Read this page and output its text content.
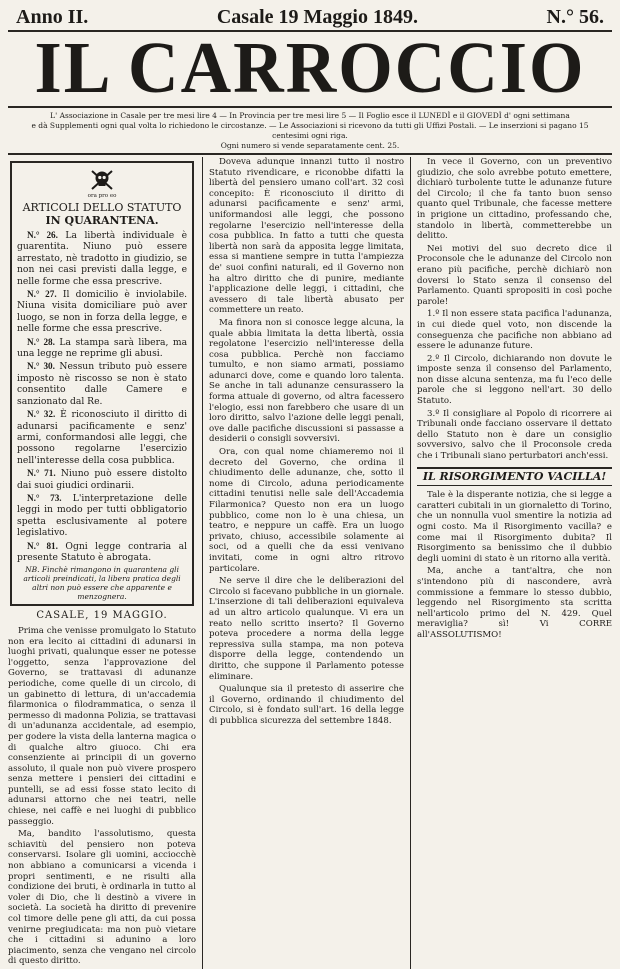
Anno II.	Casale 19 Maggio 1849.	N.° 56.
IL CARROCCIO
L' Associazione in Casale per tre mesi lire 4 — In Provincia per tre mesi lire 5 — Il Foglio esce il LUNEDÌ e il GIOVEDÌ d' ogni settimana
e dà Supplementi ogni qual volta lo richiedono le circostanze. — Le Associazioni si ricevono da tutti gli Uffizi Postali. — Le inserzioni si pagano 15 centesimi ogni riga.
Ogni numero si vende separatamente cent. 25.
ora pro eo
ARTICOLI DELLO STATUTO
IN QUARANTENA.

N.° 26. La libertà individuale è guarentita. Niuno può essere arrestato, nè tradotto in giudizio, se non nei casi previsti dalla legge, e nelle forme che essa prescrive.

N.° 27. Il domicilio è inviolabile. Niuna visita domiciliare può aver luogo, se non in forza della legge, e nelle forme che essa prescrive.

N.° 28. La stampa sarà libera, ma una legge ne reprime gli abusi.

N.° 30. Nessun tributo può essere imposto nè riscosso se non è stato consentito dalle Camere e sanzionato dal Re.

N.° 32. È riconosciuto il diritto di adunarsi pacificamente e senz' armi, conformandosi alle leggi, che possono regolarne l'esercizio nell'interesse della cosa pubblica.

N.° 71. Niuno può essere distolto dai suoi giudici ordinarii.

N.° 73. L'interpretazione delle leggi in modo per tutti obbligatorio spetta esclusivamente al potere legislativo.

N.° 81. Ogni legge contraria al presente Statuto è abrogata.

NB. Finchè rimangono in quarantena gli articoli preindicati, la libera pratica degli altri non può essere che apparente e menzognera.
CASALE, 19 MAGGIO.

Prima che venisse promulgato lo Statuto non era lecito ai cittadini di adunarsi in luoghi privati, qualunque esser ne potesse l'oggetto, senza l'approvazione del Governo, se trattavasi di adunanze periodiche, come quelle di un circolo, di un gabinetto di lettura, di un'accademia filarmonica o filodrammatica, o senza il permesso di madonna Polizia, se trattavasi di un'adunanza accidentale, ad esempio, per godere la vista della lanterna magica o di qualche altro giuoco. Chi era consenziente ai principii di un governo assoluto, il quale non può vivere prospero senza mettere i pensieri dei cittadini e puntelli, se ad essi fosse stato lecito di adunarsi attorno che nei teatri, nelle chiese, nei caffè e nei luoghi di pubblico passeggio.

Ma, bandito l'assolutismo, questa schiavitù del pensiero non poteva conservarsi. Isolare gli uomini, acciocchè non abbiano a comunicarsi a vicenda i propri sentimenti, e ne risulti alla condizione dei bruti, è ordinarla in tutto al voler di Dio, che li destinò a vivere in società. La società ha diritto di prevenire col timore delle pene gli atti, da cui possa venirne pregiudicata: ma non può vietare che i cittadini si adunino a loro piacimento, senza che vengano nel circolo di questo diritto.

Doveva adunque innanzi tutto il nostro Statuto rivendicare, e riconobbe difatti la libertà del pensiero umano coll'art. 32 così concepito: È riconosciuto il diritto di adunarsi pacificamente e senz' armi, uniformandosi alle leggi, che possono regolarne l'esercizio nell'interesse della cosa pubblica. In fatto a tutti che questa libertà non sarà da apposita legge limitata, essa si mantiene sempre in tutta l'ampiezza de' suoi confini naturali, ed il Governo non ha altro diritto che di punire, mediante l'applicazione delle leggi, i cittadini, che avessero di tale libertà abusato per commettere un reato.

Ma finora non si conosce legge alcuna, la quale abbia limitata la detta libertà, ossia regolatone l'esercizio nell'interesse della cosa pubblica. Perchè non facciamo tumulto, e non siamo armati, possiamo adunarci dove, come e quando loro talenta. Se anche in tali adunanze censurassero la forma attuale di governo, od altra facessero l'elogio, essi non farebbero che usare di un loro diritto, salvo l'azione delle leggi penali, ove dalle pacifiche discussioni si passasse a desiderii o consigli sovversivi.

Ora, con qual nome chiameremo noi il decreto del Governo, che ordina il chiudimento delle adunanze, che, sotto il nome di Circolo, aduna periodicamente cittadini tenutisi nelle sale dell'Accademia Filarmonica? Questo non era un luogo pubblico, come non lo è una chiesa, un teatro, e neppure un caffè. Era un luogo privato, chiuso, accessibile solamente ai soci, od a quelli che da essi venivano invitati, come in ogni altro ritrovo particolare.

Ne serve il dire che le deliberazioni del Circolo si facevano pubbliche in un giornale. L'inserzione di tali deliberazioni equivaleva ad un altro articolo qualunque. Vi era un reato nello scritto inserto? Il Governo poteva procedere a norma della legge repressiva sulla stampa, ma non poteva disporre della legge, contendendo un diritto, che suppone il Parlamento potesse eliminare.

Qualunque sia il pretesto di asserire che il Governo, ordinando il chiudimento del Circolo, si è fondato sull'art. 16 della legge di pubblica sicurezza del settembre 1848.

In vece il Governo, con un preventivo giudizio, che solo avrebbe potuto emettere, dichiarò turbolente tutte le adunanze future del Circolo; il che fa tanto buon senso quanto quel Tribunale, che facesse mettere in prigione un cittadino, professando che, standolo in libertà, commetterebbe un delitto.

Nei motivi del suo decreto dice il Proconsole che le adunanze del Circolo non erano più pacifiche, perchè dichiarò non doversi lo Stato senza il consenso del Parlamento. Quanti spropositi in così poche parole!

1.º Il non essere stata pacifica l'adunanza, in cui diede quel voto, non discende la conseguenza che pacifiche non abbiano ad essere le adunanze future.

2.º Il Circolo, dichiarando non dovute le imposte senza il consenso del Parlamento, non disse alcuna sentenza, ma fu l'eco delle parole che si leggono nell'art. 30 dello Statuto.

3.º Il consigliare al Popolo di ricorrere ai Tribunali onde facciano osservare il dettato dello Statuto non è dare un consiglio sovversivo, salvo che il Proconsole creda che i Tribunali siano perturbatori anch'essi.

IL RISORGIMENTO VACILLA!

Tale è la disperante notizia, che si legge a caratteri cubitali in un giornaletto di Torino, che un nonnulla vuol smentire la notizia ad ogni costo. Ma il Risorgimento vacilla? e come mai il Risorgimento dubita? Il Risorgimento sa benissimo che il dubbio degli uomini di stato è un ritorno alla verità.

Ma, anche a tant'altra, che non s'intendono più di nascondere, avrà commissione a femmare lo stesso dubbio, leggendo nel Risorgimento sta scritta nell'articolo primo del N. 429. Quel meraviglia? sì! Vi CORRE all'ASSOLUTISMO!
